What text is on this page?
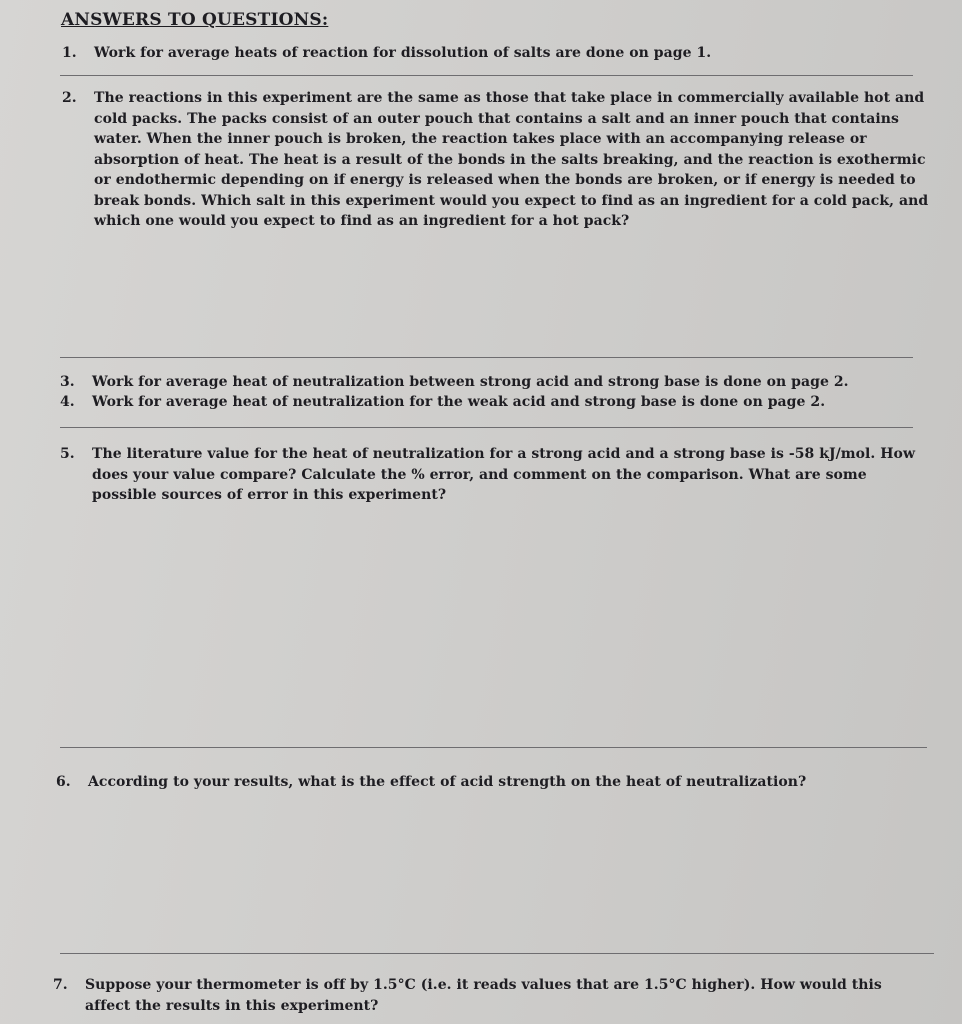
ANSWERS TO QUESTIONS:
1.	Work for average heats of reaction for dissolution of salts are done on page 1.
2.	The reactions in this experiment are the same as those that take place in commercially available hot and cold packs. The packs consist of an outer pouch that contains a salt and an inner pouch that contains water. When the inner pouch is broken, the reaction takes place with an accompanying release or absorption of heat. The heat is a result of the bonds in the salts breaking, and the reaction is exothermic or endothermic depending on if energy is released when the bonds are broken, or if energy is needed to break bonds. Which salt in this experiment would you expect to find as an ingredient for a cold pack, and which one would you expect to find as an ingredient for a hot pack?
3.	Work for average heat of neutralization between strong acid and strong base is done on page 2.
4.	Work for average heat of neutralization for the weak acid and strong base is done on page 2.
5.	The literature value for the heat of neutralization for a strong acid and a strong base is -58 kJ/mol. How does your value compare? Calculate the % error, and comment on the comparison. What are some possible sources of error in this experiment?
6.	According to your results, what is the effect of acid strength on the heat of neutralization?
7.	Suppose your thermometer is off by 1.5°C (i.e. it reads values that are 1.5°C higher). How would this affect the results in this experiment?
